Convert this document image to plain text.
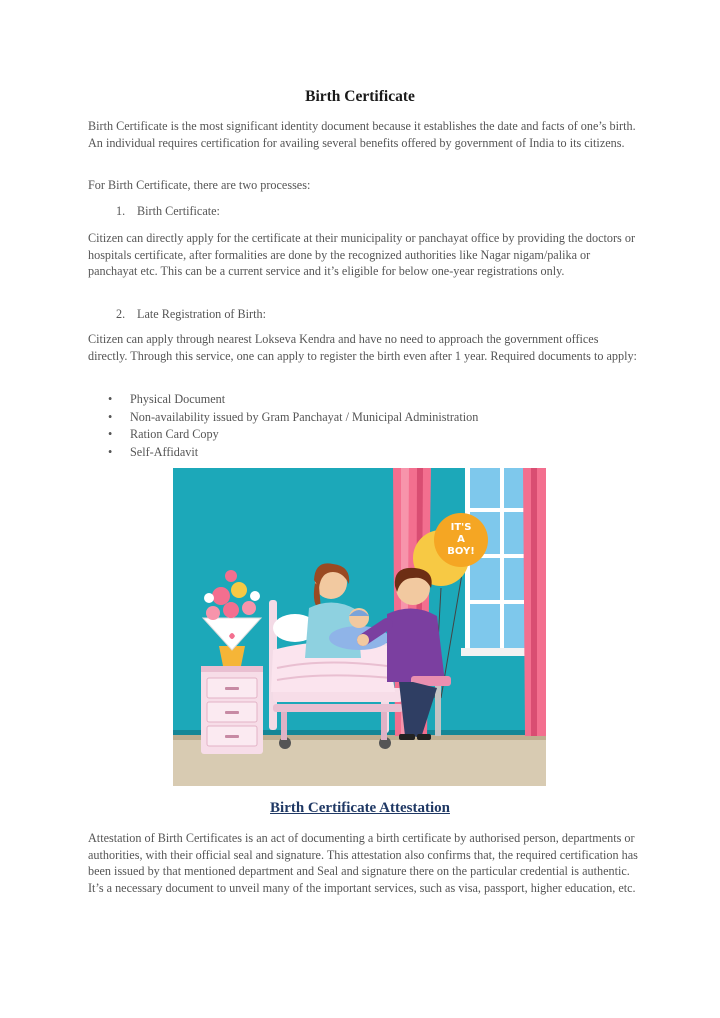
Birth Certificate

Birth Certificate is the most significant identity document because it establishes the date and facts of one’s birth. An individual requires certification for availing several benefits offered by government of India to its citizens.

For Birth Certificate, there are two processes:

1. Birth Certificate:

Citizen can directly apply for the certificate at their municipality or panchayat office by providing the doctors or hospitals certificate, after formalities are done by the recognized authorities like Nagar nigam/palika or panchayat etc. This can be a current service and it’s eligible for below one-year registrations only.

2. Late Registration of Birth:

Citizen can apply through nearest Lokseva Kendra and have no need to approach the government offices directly. Through this service, one can apply to register the birth even after 1 year. Required documents to apply:

• Physical Document
• Non-availability issued by Gram Panchayat / Municipal Administration
• Ration Card Copy
• Self-Affidavit
IT'S
A
BOY!
Birth Certificate Attestation

Attestation of Birth Certificates is an act of documenting a birth certificate by authorised person, departments or authorities, with their official seal and signature. This attestation also confirms that, the required certification has been issued by that mentioned department and Seal and signature there on the particular credential is authentic. It’s a necessary document to unveil many of the important services, such as visa, passport, higher education, etc.
